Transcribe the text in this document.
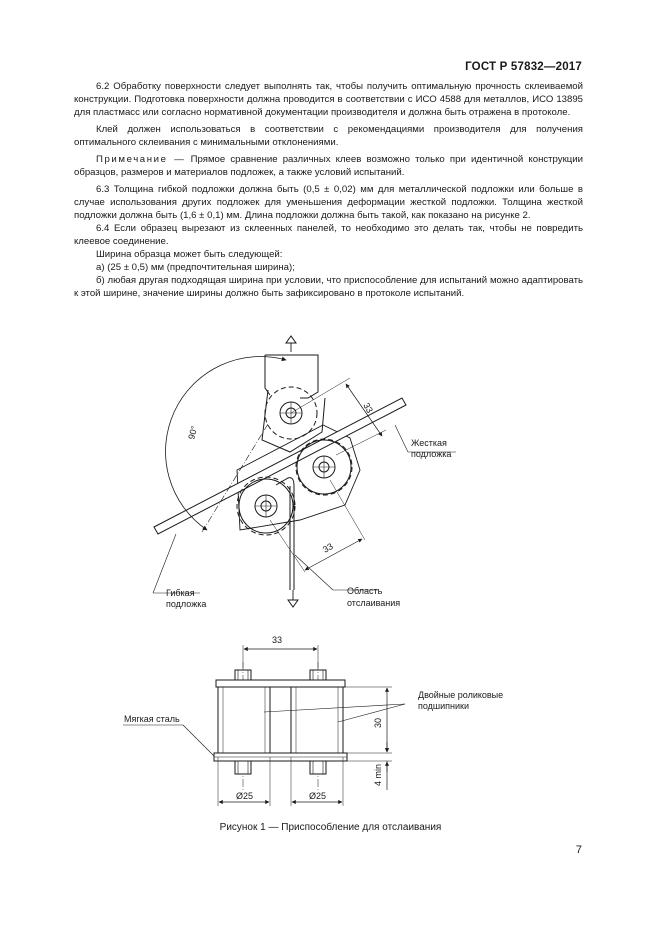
ГОСТ Р 57832—2017

6.2 Обработку поверхности следует выполнять так, чтобы получить оптимальную прочность склеиваемой конструкции. Подготовка поверхности должна проводится в соответствии с ИСО 4588 для металлов, ИСО 13895 для пластмасс или согласно нормативной документации производителя и должна быть отражена в протоколе.

Клей должен использоваться в соответствии с рекомендациями производителя для получения оптимального склеивания с минимальными отклонениями.

Примечание — Прямое сравнение различных клеев возможно только при идентичной конструкции образцов, размеров и материалов подложек, а также условий испытаний.

6.3 Толщина гибкой подложки должна быть (0,5 ± 0,02) мм для металлической подложки или больше в случае использования других подложек для уменьшения деформации жесткой подложки. Толщина жесткой подложки должна быть (1,6 ± 0,1) мм. Длина подложки должна быть такой, как показано на рисунке 2.

6.4 Если образец вырезают из склеенных панелей, то необходимо это делать так, чтобы не повредить клеевое соединение.

Ширина образца может быть следующей:

а) (25 ± 0,5) мм (предпочтительная ширина);

б) любая другая подходящая ширина при условии, что приспособление для испытаний можно адаптировать к этой ширине, значение ширины должно быть зафиксировано в протоколе испытаний.

90°
33
33
Жесткая
подложка
Гибкая
подложка
Область
отслаивания
33
30
4 min
Ø25	Ø25
Мягкая сталь
Двойные роликовые
подшипники
Рисунок 1 — Приспособление для отслаивания
7
